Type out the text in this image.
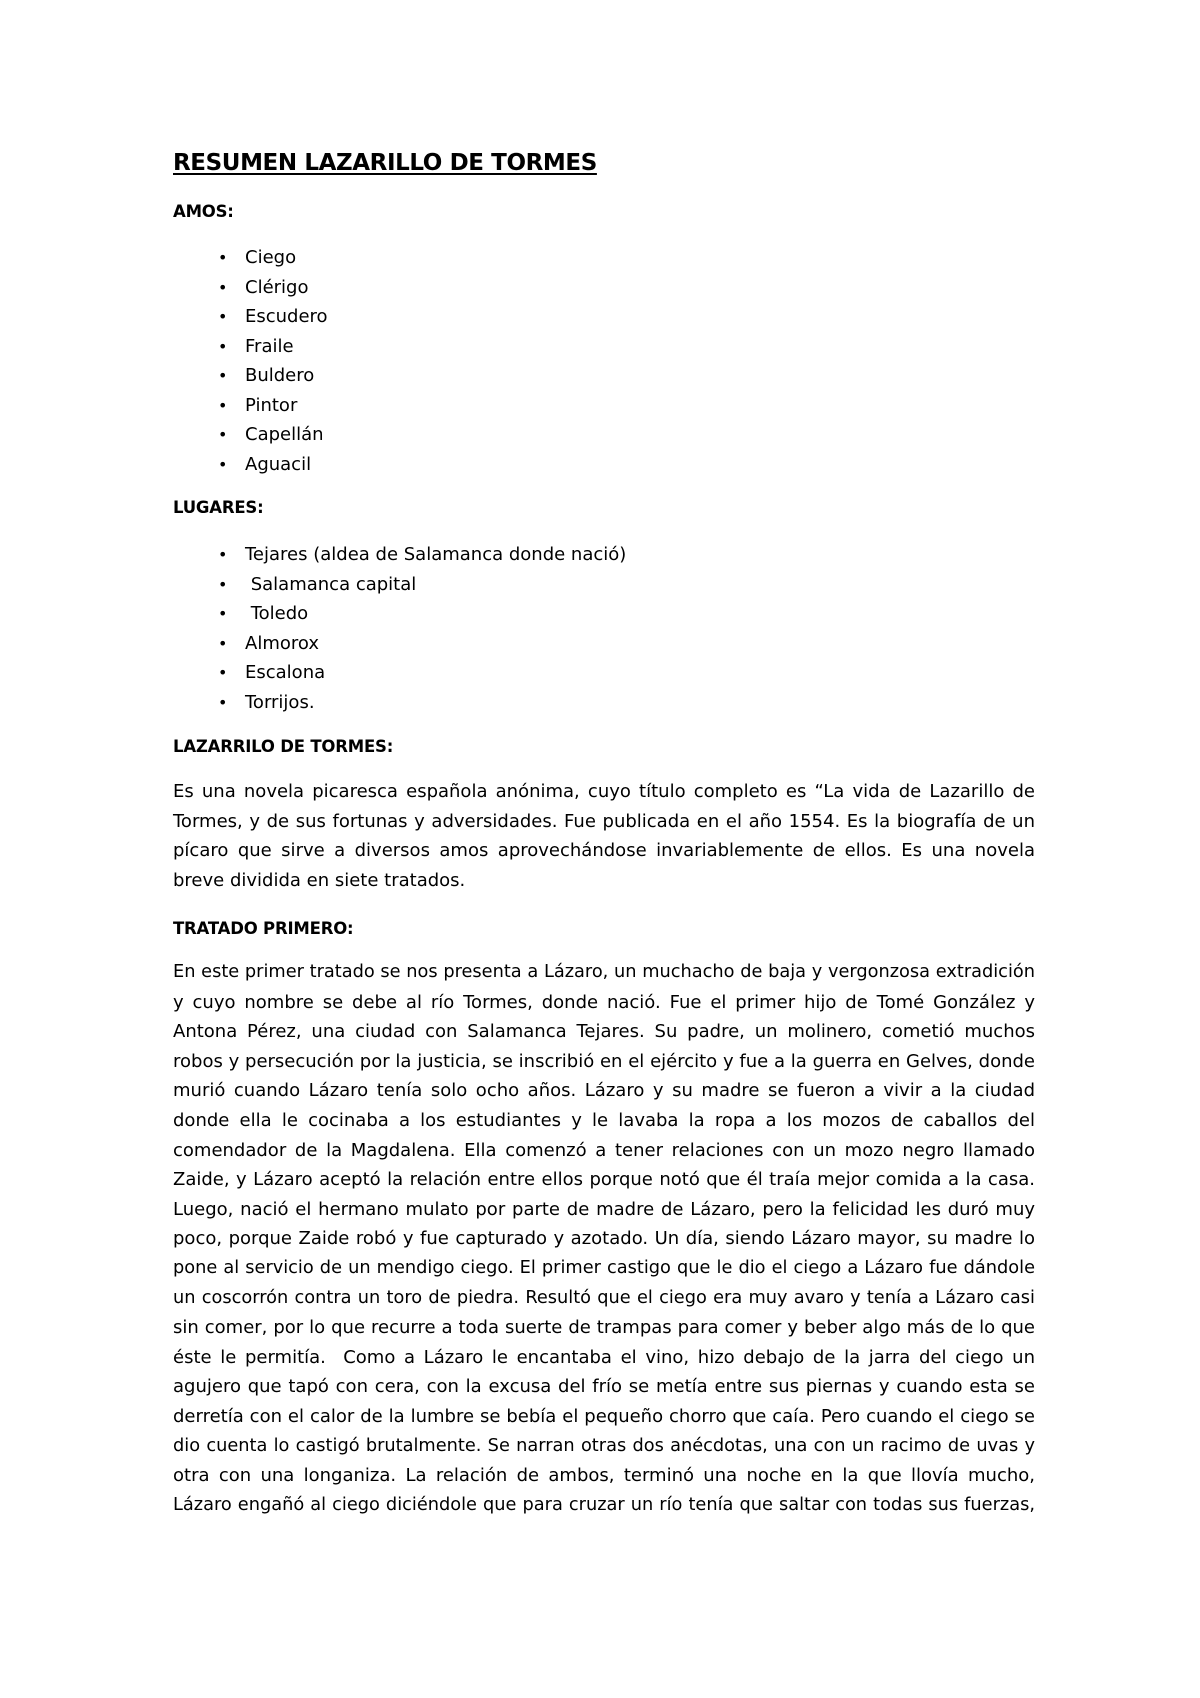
RESUMEN LAZARILLO DE TORMES
AMOS:
• Ciego
• Clérigo
• Escudero
• Fraile
• Buldero
• Pintor
• Capellán
• Aguacil
LUGARES:
• Tejares (aldea de Salamanca donde nació)
• Salamanca capital
• Toledo
• Almorox
• Escalona
• Torrijos.
LAZARRILO DE TORMES:
Es una novela picaresca española anónima, cuyo título completo es “La vida de Lazarillo de
Tormes, y de sus fortunas y adversidades. Fue publicada en el año 1554. Es la biografía de un
pícaro que sirve a diversos amos aprovechándose invariablemente de ellos. Es una novela
breve dividida en siete tratados.
TRATADO PRIMERO:
En este primer tratado se nos presenta a Lázaro, un muchacho de baja y vergonzosa extradición
y cuyo nombre se debe al río Tormes, donde nació. Fue el primer hijo de Tomé González y
Antona Pérez, una ciudad con Salamanca Tejares. Su padre, un molinero, cometió muchos
robos y persecución por la justicia, se inscribió en el ejército y fue a la guerra en Gelves, donde
murió cuando Lázaro tenía solo ocho años. Lázaro y su madre se fueron a vivir a la ciudad
donde ella le cocinaba a los estudiantes y le lavaba la ropa a los mozos de caballos del
comendador de la Magdalena. Ella comenzó a tener relaciones con un mozo negro llamado
Zaide, y Lázaro aceptó la relación entre ellos porque notó que él traía mejor comida a la casa.
Luego, nació el hermano mulato por parte de madre de Lázaro, pero la felicidad les duró muy
poco, porque Zaide robó y fue capturado y azotado. Un día, siendo Lázaro mayor, su madre lo
pone al servicio de un mendigo ciego. El primer castigo que le dio el ciego a Lázaro fue dándole
un coscorrón contra un toro de piedra. Resultó que el ciego era muy avaro y tenía a Lázaro casi
sin comer, por lo que recurre a toda suerte de trampas para comer y beber algo más de lo que
éste le permitía.  Como a Lázaro le encantaba el vino, hizo debajo de la jarra del ciego un
agujero que tapó con cera, con la excusa del frío se metía entre sus piernas y cuando esta se
derretía con el calor de la lumbre se bebía el pequeño chorro que caía. Pero cuando el ciego se
dio cuenta lo castigó brutalmente. Se narran otras dos anécdotas, una con un racimo de uvas y
otra con una longaniza. La relación de ambos, terminó una noche en la que llovía mucho,
Lázaro engañó al ciego diciéndole que para cruzar un río tenía que saltar con todas sus fuerzas,
